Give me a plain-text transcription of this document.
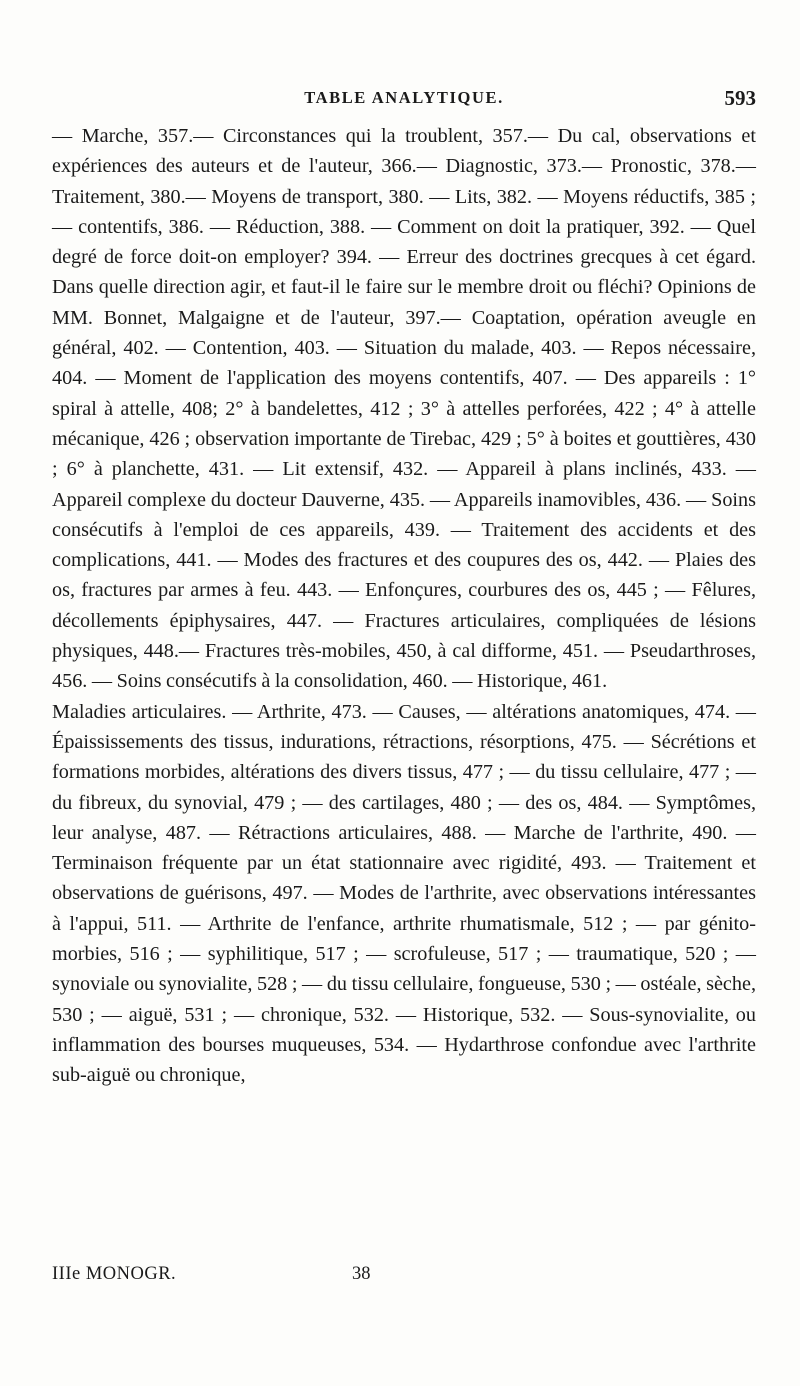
TABLE ANALYTIQUE.	593

— Marche, 357.— Circonstances qui la troublent, 357.— Du cal, observations et expériences des auteurs et de l'auteur, 366.— Diagnostic, 373.— Pronostic, 378.— Traitement, 380.— Moyens de transport, 380. — Lits, 382. — Moyens réductifs, 385 ; — contentifs, 386. — Réduction, 388. — Comment on doit la pratiquer, 392. — Quel degré de force doit-on employer? 394. — Erreur des doctrines grecques à cet égard. Dans quelle direction agir, et faut-il le faire sur le membre droit ou fléchi? Opinions de MM. Bonnet, Malgaigne et de l'auteur, 397.— Coaptation, opération aveugle en général, 402. — Contention, 403. — Situation du malade, 403. — Repos nécessaire, 404. — Moment de l'application des moyens contentifs, 407. — Des appareils : 1° spiral à attelle, 408; 2° à bandelettes, 412 ; 3° à attelles perforées, 422 ; 4° à attelle mécanique, 426 ; observation importante de Tirebac, 429 ; 5° à boites et gouttières, 430 ; 6° à planchette, 431. — Lit extensif, 432. — Appareil à plans inclinés, 433. — Appareil complexe du docteur Dauverne, 435. — Appareils inamovibles, 436. — Soins consécutifs à l'emploi de ces appareils, 439. — Traitement des accidents et des complications, 441. — Modes des fractures et des coupures des os, 442. — Plaies des os, fractures par armes à feu. 443. — Enfonçures, courbures des os, 445 ; — Fêlures, décollements épiphysaires, 447. — Fractures articulaires, compliquées de lésions physiques, 448.— Fractures très-mobiles, 450, à cal difforme, 451. — Pseudarthroses, 456. — Soins consécutifs à la consolidation, 460. — Historique, 461.

Maladies articulaires. — Arthrite, 473. — Causes, — altérations anatomiques, 474. — Épaississements des tissus, indurations, rétractions, résorptions, 475. — Sécrétions et formations morbides, altérations des divers tissus, 477 ; — du tissu cellulaire, 477 ; — du fibreux, du synovial, 479 ; — des cartilages, 480 ; — des os, 484. — Symptômes, leur analyse, 487. — Rétractions articulaires, 488. — Marche de l'arthrite, 490. — Terminaison fréquente par un état stationnaire avec rigidité, 493. — Traitement et observations de guérisons, 497. — Modes de l'arthrite, avec observations intéressantes à l'appui, 511. — Arthrite de l'enfance, arthrite rhumatismale, 512 ; — par génito-morbies, 516 ; — syphilitique, 517 ; — scrofuleuse, 517 ; — traumatique, 520 ; — synoviale ou synovialite, 528 ; — du tissu cellulaire, fongueuse, 530 ; — ostéale, sèche, 530 ; — aiguë, 531 ; — chronique, 532. — Historique, 532. — Sous-synovialite, ou inflammation des bourses muqueuses, 534. — Hydarthrose confondue avec l'arthrite sub-aiguë ou chronique,

IIIe MONOGR.	38
